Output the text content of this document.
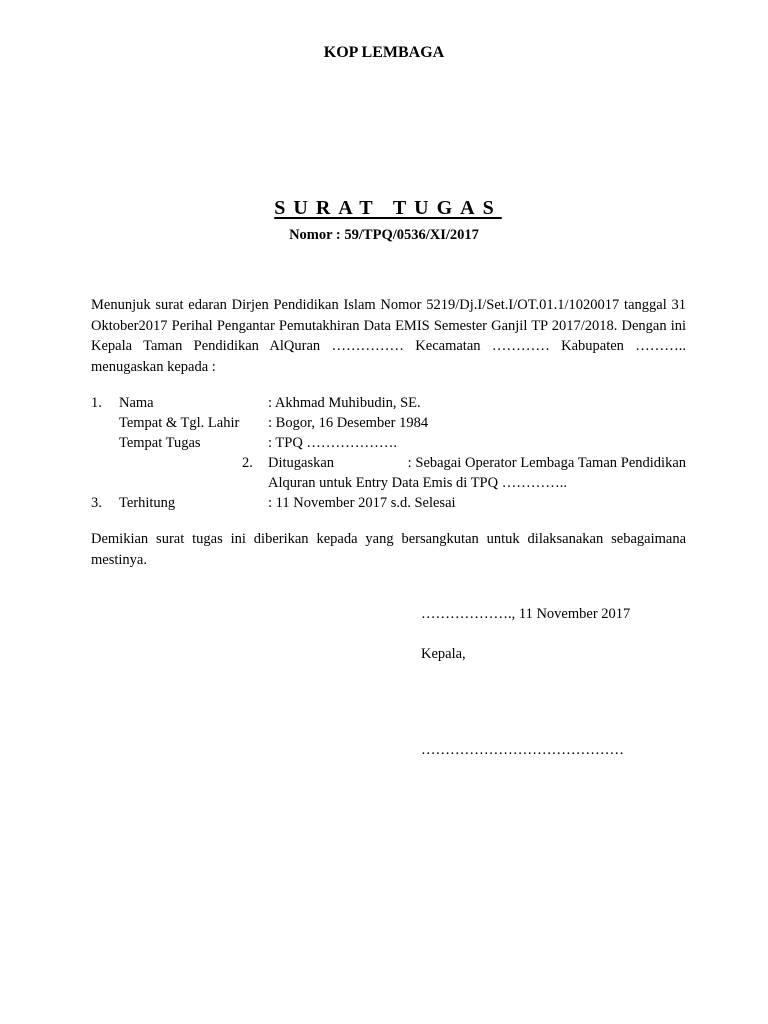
KOP LEMBAGA
SURAT TUGAS
Nomor : 59/TPQ/0536/XI/2017

Menunjuk surat edaran Dirjen Pendidikan Islam Nomor 5219/Dj.I/Set.I/OT.01.1/1020017 tanggal 31 Oktober2017 Perihal Pengantar Pemutakhiran Data EMIS Semester Ganjil TP 2017/2018. Dengan ini Kepala Taman Pendidikan AlQuran …………… Kecamatan ………… Kabupaten ……….. menugaskan kepada :

1. Nama	: Akhmad Muhibudin, SE.
Tempat & Tgl. Lahir : Bogor, 16 Desember 1984
Tempat Tugas	: TPQ ……………….
2. Ditugaskan	: Sebagai Operator Lembaga Taman Pendidikan Alquran untuk Entry Data Emis di TPQ …………..
3. Terhitung	: 11 November 2017 s.d. Selesai

Demikian surat tugas ini diberikan kepada yang bersangkutan untuk dilaksanakan sebagaimana mestinya.

………………., 11 November 2017
Kepala,
……………………………………
